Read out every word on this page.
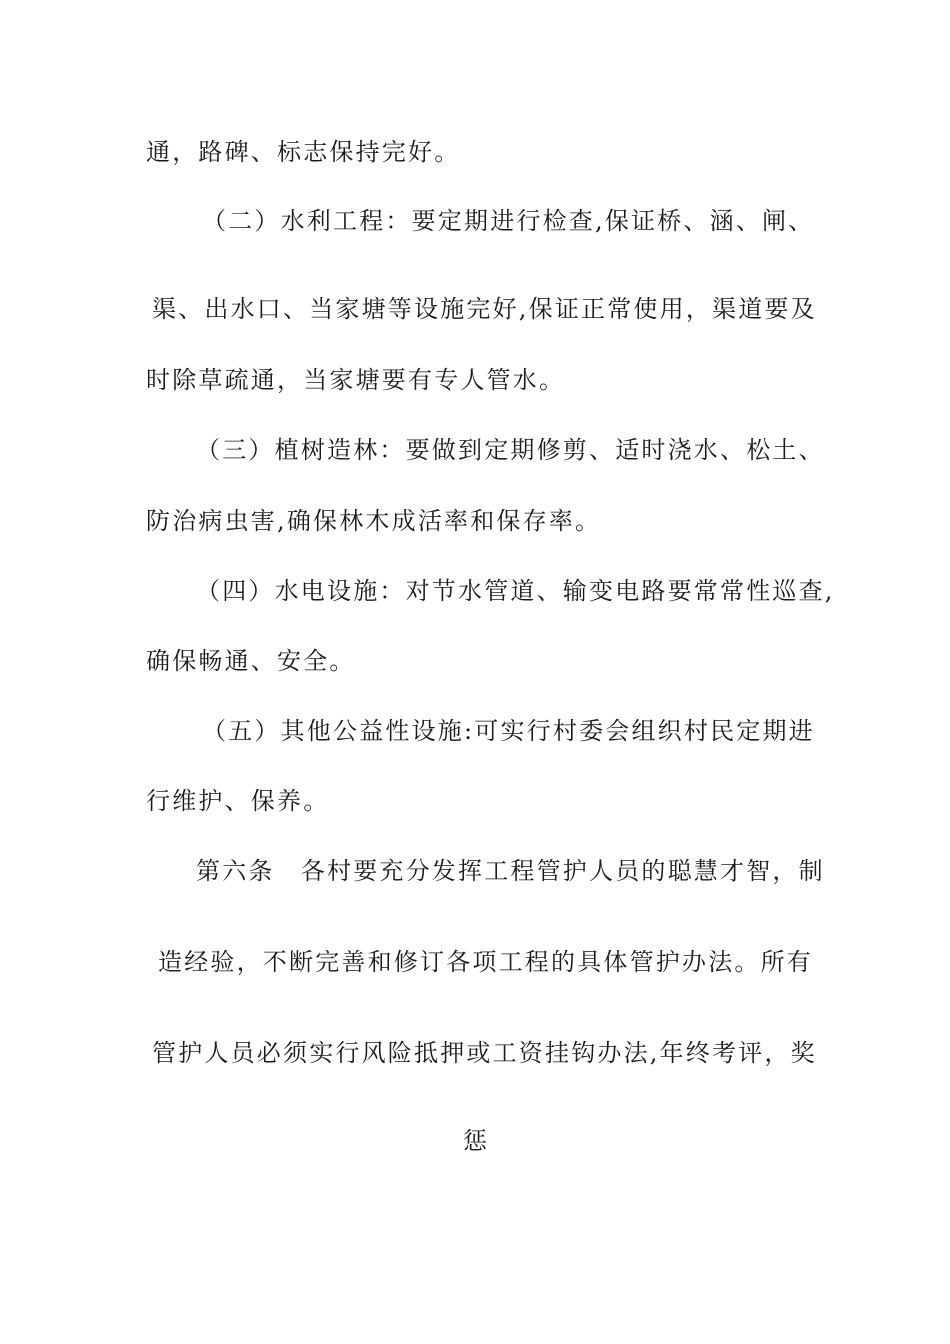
通，路碑、标志保持完好。
（二）水利工程：要定期进行检查,保证桥、涵、闸、
渠、出水口、当家塘等设施完好,保证正常使用，渠道要及
时除草疏通，当家塘要有专人管水。
（三）植树造林：要做到定期修剪、适时浇水、松土、
防治病虫害,确保林木成活率和保存率。
（四）水电设施：对节水管道、输变电路要常常性巡查,
确保畅通、安全。
（五）其他公益性设施:可实行村委会组织村民定期进
行维护、保养。
第六条　各村要充分发挥工程管护人员的聪慧才智，制
造经验，不断完善和修订各项工程的具体管护办法。所有
管护人员必须实行风险抵押或工资挂钩办法,年终考评，奖
惩
